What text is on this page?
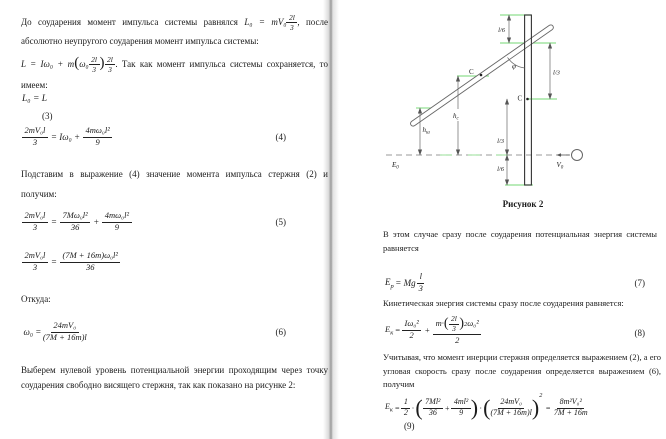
До соударения момент импульса системы равнялся $L_0 = mV_0 \frac{2l}{3}$ , после абсолютно неупругого соударения момент импульса системы:

$L = I\omega_0 + m(\omega_0 \frac{2l}{3}$ ) $\frac{2l}{3}$ . Так как момент импульса системы сохраняется, то имеем:

L₀ = L
(3)
$\frac{\text{2mV₀l}}{3} = I\omega_0 + \frac{\text{4mω₀l²}}{9}$	(4)

Подставим в выражение (4) значение момента импульса стержня (2) и получим:

$\frac{\text{2mV₀l}}{3} = \frac{\text{7Mω₀l²}}{36} + \frac{\text{4mω₀l²}}{9}$	(5)
$\frac{\text{2mV₀l}}{3} = \frac{\text{(7M + 16m)ω₀l²}}{36}$

Откуда:

$\omega_0 = \frac{\text{24mV₀}}{(7M + 16m)l}$	(6)

Выберем нулевой уровень потенциальной энергии проходящим через точку соударения свободно висящего стержня, так как показано на рисунке 2:

l/6
l/3
l/3
l/6
φ
C
C
$h_c$
$h_ш$
$E_0$	$V_0$
Рисунок 2

В этом случае сразу после соударения потенциальная энергия системы равняется

$E_p = Mg \frac{l}{3}$	(7)

Кинетическая энергия системы сразу после соударения равняется:

$E_к = \frac{\text{Iω₀²}}{2} + \frac{m\cdot ( \frac{2l}{3} ) 2 \omega_0^2}{2}$	(8)

Учитывая, что момент инерции стержня определяется выражением (2), а его угловая скорость сразу после соударения определяется выражением (6), получим

$E_к = \frac{1}{2}$ · ( $\frac{\text{7Ml²}}{36} + \frac{\text{4ml²}}{9}$ ) · ( $\frac{\text{24mV₀}}{(7M + 16m)l} )^2$
= $\frac{\text{8m²V₀²}}{7M + 16m}$
(9)
